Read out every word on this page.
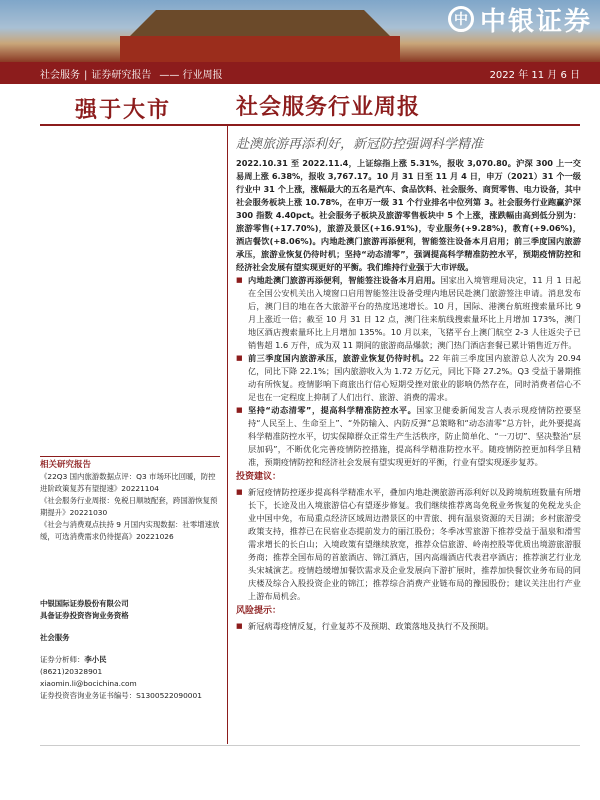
中 中银证券
社会服务 | 证券研究报告 —— 行业周报	2022 年 11 月 6 日
强于大市	社会服务行业周报
赴澳旅游再添利好，新冠防控强调科学精准

2022.10.31 至 2022.11.4，上证综指上涨 5.31%，报收 3,070.80。沪深 300 上一交易周上涨 6.38%，报收 3,767.17。10 月 31 日至 11 月 4 日，申万（2021）31 个一级行业中 31 个上涨，涨幅最大的五名是汽车、食品饮料、社会服务、商贸零售、电力设备，其中社会服务板块上涨 10.78%，在申万一级 31 个行业排名中位列第 3。社会服务行业跑赢沪深 300 指数 4.40pct。社会服务子板块及旅游零售板块中 5 个上涨，涨跌幅由高到低分别为：旅游零售(+17.70%)，旅游及景区(+16.91%)，专业服务(+9.28%)，教育(+9.06%)，酒店餐饮(+8.06%)。内地赴澳门旅游再添便利，智能签注设备本月启用；前三季度国内旅游承压，旅游业恢复仍待时机；坚持“动态清零”，强调提高科学精准防控水平，预期疫情防控和经济社会发展有望实现更好的平衡。我们维持行业强于大市评级。

■ 内地赴澳门旅游再添便利，智能签注设备本月启用。国家出入境管理局决定，11 月 1 日起在全国公安机关出入境窗口启用智能签注设备受理内地居民赴澳门旅游签注申请。消息发布后，澳门目的地在各大旅游平台的热度迅速增长。10 月，国际、港澳台航班搜索量环比 9 月上涨近一倍；截至 10 月 31 日 12 点，澳门往来航线搜索量环比上月增加 173%，澳门地区酒店搜索量环比上月增加 135%。10 月以来，飞猪平台上澳门航空 2-3 人往返尖子已销售超 1.6 万件，成为双 11 期间的旅游商品爆款；澳门热门酒店套餐已累计销售近万件。
■ 前三季度国内旅游承压，旅游业恢复仍待时机。22 年前三季度国内旅游总人次为 20.94 亿，同比下降 22.1%；国内旅游收入为 1.72 万亿元，同比下降 27.2%。Q3 受益于暑期推动有所恢复。疫情影响下商旅出行信心短期受挫对旅业的影响仍然存在，同时消费者信心不足也在一定程度上抑制了人们出行、旅游、消费的需求。
■ 坚持“动态清零”，提高科学精准防控水平。国家卫健委新闻发言人表示现疫情防控要坚持“人民至上、生命至上”、“外防输入、内防反弹”总策略和“动态清零”总方针，此外要提高科学精准防控水平，切实保障群众正常生产生活秩序，防止简单化、“一刀切”、坚决整治“层层加码”，不断优化完善疫情防控措施，提高科学精准防控水平。随疫情防控更加科学且精准，预期疫情防控和经济社会发展有望实现更好的平衡，行业有望实现逐步复苏。
投资建议：
■ 新冠疫情防控逐步提高科学精准水平，叠加内地赴澳旅游再添利好以及跨境航班数量有所增长下，长途及出入境旅游信心有望逐步修复。我们继续推荐离岛免税业务恢复的免税龙头企业中国中免，布局重点经济区域周边潜景区的中青旅、拥有温泉资源的天目湖；乡村旅游受政策支持，推荐已在民宿业态提前发力的丽江股份；冬季冰雪旅游下推荐受益于温泉和滑雪需求增长的长白山；入境政策有望继续放宽，推荐众信旅游、岭南控股等优质出境游旅游服务商；推荐全国布局的首旅酒店、锦江酒店，国内高端酒店代表君亭酒店；推荐演艺行业龙头宋城演艺。疫情趋缓增加餐饮需求及企业发展向下游扩展时，推荐加快餐饮业务布局的同庆楼及综合入股投资企业的锦江；推荐综合消费产业链布局的豫园股份；建议关注出行产业上游布局机会。
风险提示：
■ 新冠病毒疫情反复，行业复苏不及预期、政策落地及执行不及预期。
相关研究报告

《22Q3 国内旅游数据点评：Q3 市场环比回暖，防控进阶政策复苏有望提速》20221104

《社会服务行业周报：免税日顺坡配套，跨国游恢复预期提升》20221030

《社会与消费观点扶持 9 月国内实现数据：社零增速放缓，可选消费需求仍待提高》20221026

中银国际证券股份有限公司
具备证券投资咨询业务资格
社会服务
证券分析师：李小民
(8621)20328901
xiaomin.li@bocichina.com
证券投资咨询业务证书编号：S1300522090001
